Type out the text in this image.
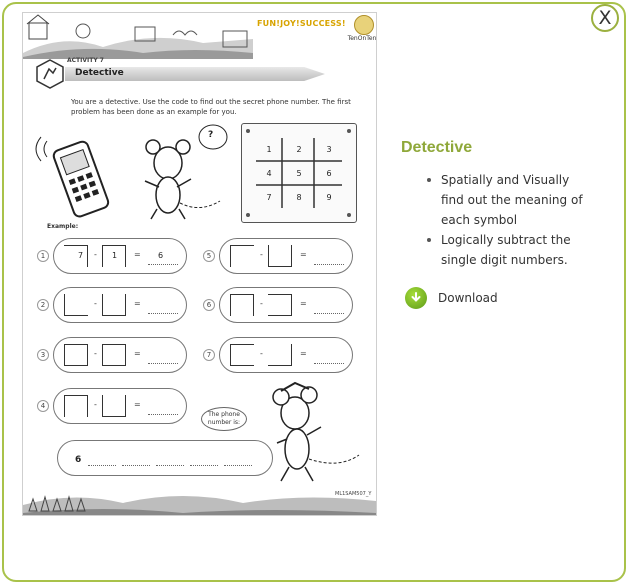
X
FUN!JOY!SUCCESS!
TenOnTen
ACTIVITY 7
Detective
You are a detective. Use the code to find out the secret phone number. The first problem has been done as an example for you.
?
1	2	3
4	5	6
7	8	9
Example:
1	7 - 1 = 6
2	-	=
3	-	=
4	-	=
5	-	=
6	-	=
7	-	=
The phone number is:
6
ML1SAM507_Y
Detective
Spatially and Visually find out the meaning of each symbol
Logically subtract the single digit numbers.
Download
